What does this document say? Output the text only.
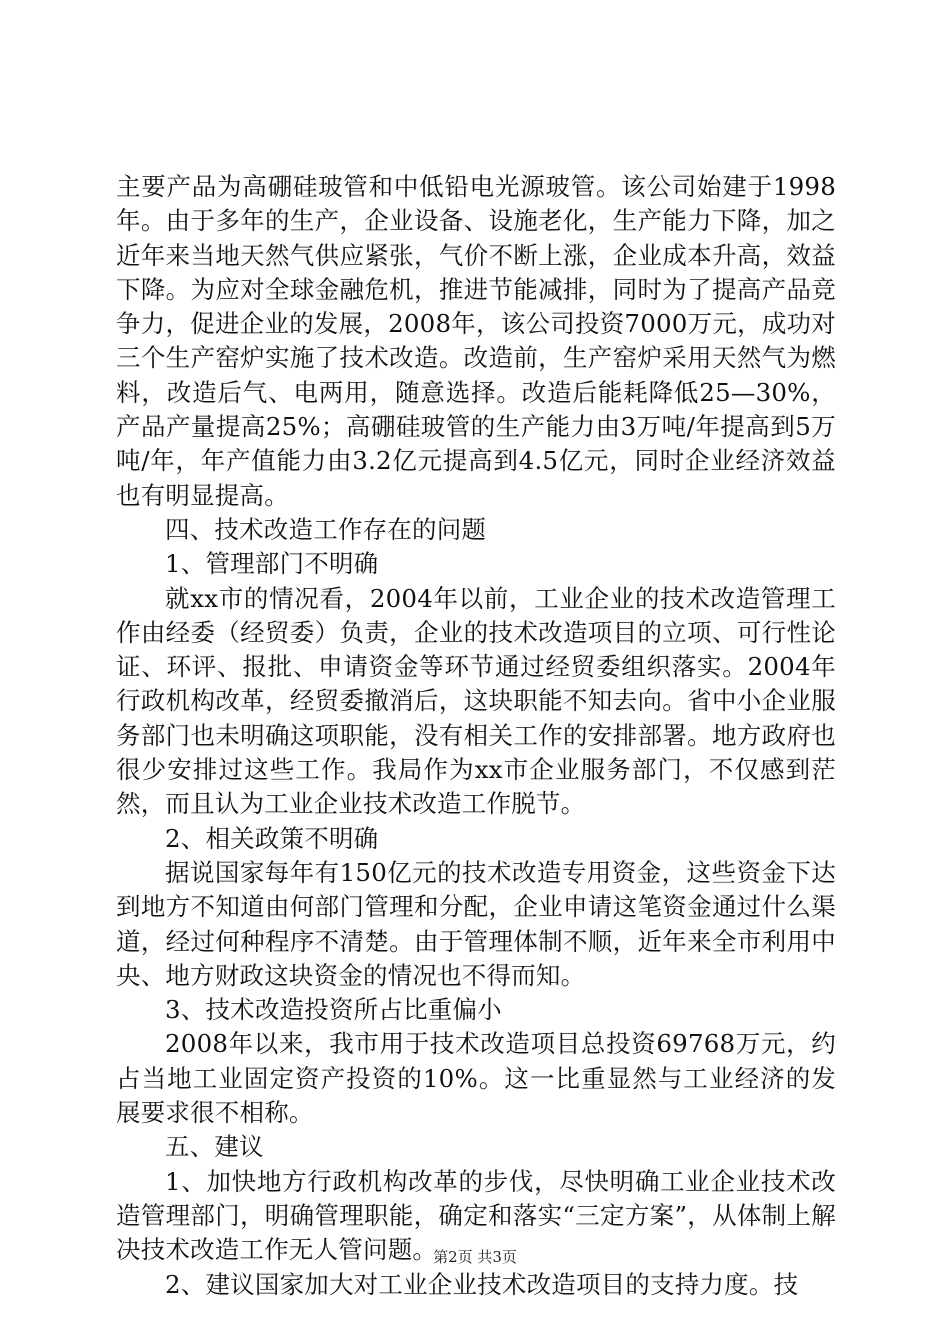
主要产品为高硼硅玻管和中低铅电光源玻管。该公司始建于1998年。由于多年的生产，企业设备、设施老化，生产能力下降，加之近年来当地天然气供应紧张，气价不断上涨，企业成本升高，效益下降。为应对全球金融危机，推进节能减排，同时为了提高产品竞争力，促进企业的发展，2008年，该公司投资7000万元，成功对三个生产窑炉实施了技术改造。改造前，生产窑炉采用天然气为燃料，改造后气、电两用，随意选择。改造后能耗降低25—30%，产品产量提高25%；高硼硅玻管的生产能力由3万吨/年提高到5万吨/年，年产值能力由3.2亿元提高到4.5亿元，同时企业经济效益也有明显提高。

四、技术改造工作存在的问题

1、管理部门不明确

就xx市的情况看，2004年以前，工业企业的技术改造管理工作由经委（经贸委）负责，企业的技术改造项目的立项、可行性论证、环评、报批、申请资金等环节通过经贸委组织落实。2004年行政机构改革，经贸委撤消后，这块职能不知去向。省中小企业服务部门也未明确这项职能，没有相关工作的安排部署。地方政府也很少安排过这些工作。我局作为xx市企业服务部门，不仅感到茫然，而且认为工业企业技术改造工作脱节。

2、相关政策不明确

据说国家每年有150亿元的技术改造专用资金，这些资金下达到地方不知道由何部门管理和分配，企业申请这笔资金通过什么渠道，经过何种程序不清楚。由于管理体制不顺，近年来全市利用中央、地方财政这块资金的情况也不得而知。

3、技术改造投资所占比重偏小

2008年以来，我市用于技术改造项目总投资69768万元，约占当地工业固定资产投资的10%。这一比重显然与工业经济的发展要求很不相称。

五、建议

1、加快地方行政机构改革的步伐，尽快明确工业企业技术改造管理部门，明确管理职能，确定和落实“三定方案”，从体制上解决技术改造工作无人管问题。

2、建议国家加大对工业企业技术改造项目的支持力度。技

第2页 共3页
